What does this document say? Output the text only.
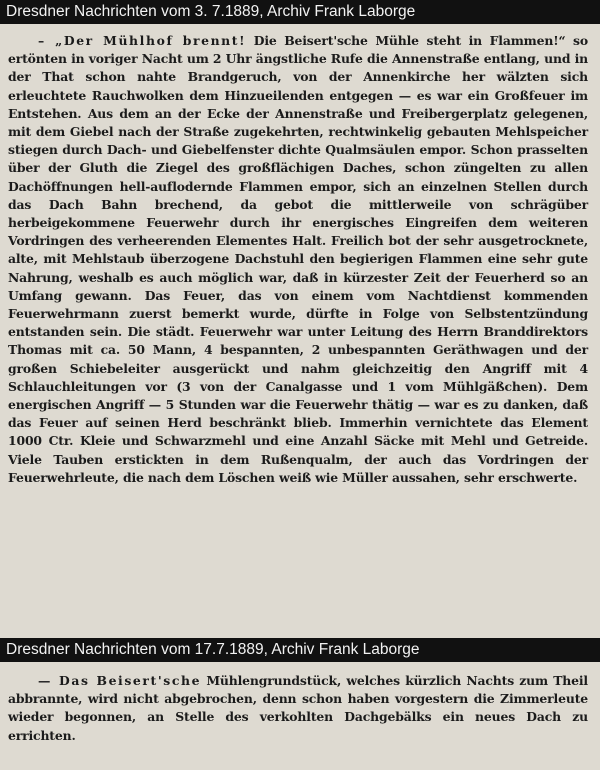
Dresdner Nachrichten vom 3. 7.1889, Archiv Frank Laborge

– „Der Mühlhof brennt! Die Beisert'sche Mühle steht in Flammen!“ so ertönten in voriger Nacht um 2 Uhr ängstliche Rufe die Annenstraße entlang, und in der That schon nahte Brandgeruch, von der Annenkirche her wälzten sich erleuchtete Rauchwolken dem Hinzueilenden entgegen — es war ein Großfeuer im Entstehen. Aus dem an der Ecke der Annenstraße und Freibergerplatz gelegenen, mit dem Giebel nach der Straße zugekehrten, rechtwinkelig gebauten Mehlspeicher stiegen durch Dach- und Giebelfenster dichte Qualmsäulen empor. Schon prasselten über der Gluth die Ziegel des großflächigen Daches, schon züngelten zu allen Dachöffnungen hell-auflodernde Flammen empor, sich an einzelnen Stellen durch das Dach Bahn brechend, da gebot die mittlerweile von schrägüber herbeigekommene Feuerwehr durch ihr energisches Eingreifen dem weiteren Vordringen des verheerenden Elementes Halt. Freilich bot der sehr ausgetrocknete, alte, mit Mehlstaub überzogene Dachstuhl den begierigen Flammen eine sehr gute Nahrung, weshalb es auch möglich war, daß in kürzester Zeit der Feuerherd so an Umfang gewann. Das Feuer, das von einem vom Nachtdienst kommenden Feuerwehrmann zuerst bemerkt wurde, dürfte in Folge von Selbstentzündung entstanden sein. Die städt. Feuerwehr war unter Leitung des Herrn Branddirektors Thomas mit ca. 50 Mann, 4 bespannten, 2 unbespannten Geräthwagen und der großen Schiebeleiter ausgerückt und nahm gleichzeitig den Angriff mit 4 Schlauchleitungen vor (3 von der Canalgasse und 1 vom Mühlgäßchen). Dem energischen Angriff — 5 Stunden war die Feuerwehr thätig — war es zu danken, daß das Feuer auf seinen Herd beschränkt blieb. Immerhin vernichtete das Element 1000 Ctr. Kleie und Schwarzmehl und eine Anzahl Säcke mit Mehl und Getreide. Viele Tauben erstickten in dem Rußenqualm, der auch das Vordringen der Feuerwehrleute, die nach dem Löschen weiß wie Müller aussahen, sehr erschwerte.

Dresdner Nachrichten vom 17.7.1889, Archiv Frank Laborge

— Das Beisert'sche Mühlengrundstück, welches kürzlich Nachts zum Theil abbrannte, wird nicht abgebrochen, denn schon haben vorgestern die Zimmerleute wieder begonnen, an Stelle des verkohlten Dachgebälks ein neues Dach zu errichten.
